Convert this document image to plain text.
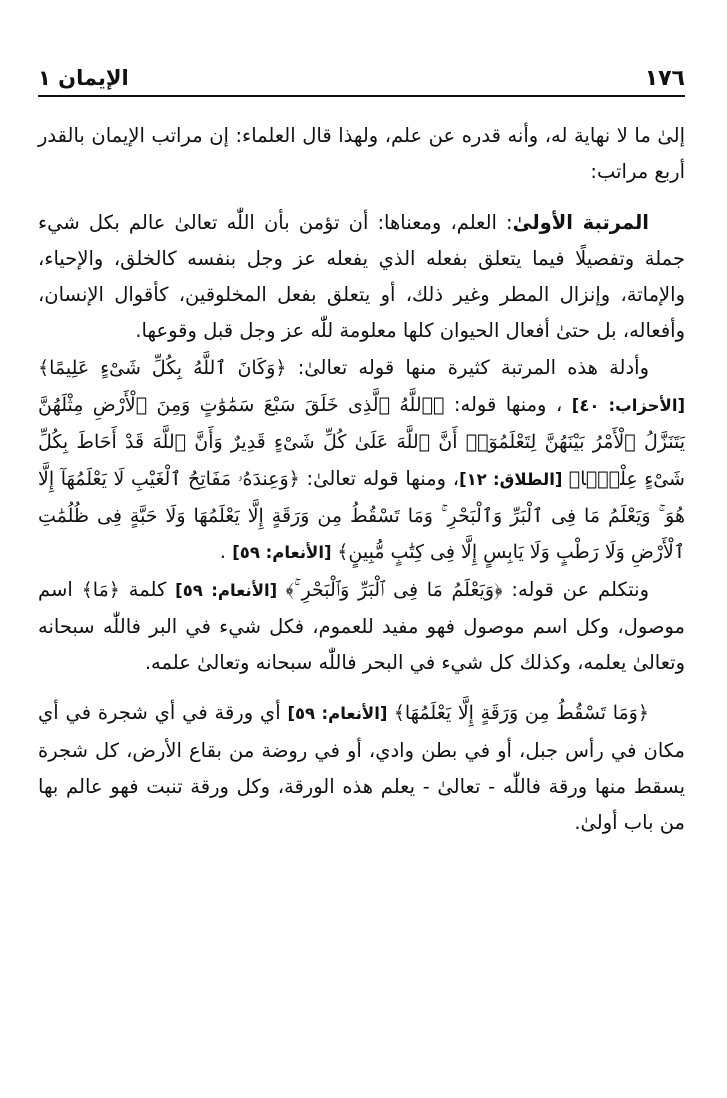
١٧٦
الإيمان ١

إلىٰ ما لا نهاية له، وأنه قدره عن علم، ولهذا قال العلماء: إن مراتب الإيمان بالقدر أربع مراتب:

المرتبة الأولىٰ: العلم، ومعناها: أن تؤمن بأن اللّٰه تعالىٰ عالم بكل شيء جملة وتفصيلًا فيما يتعلق بفعله الذي يفعله عز وجل بنفسه كالخلق، والإحياء، والإماتة، وإنزال المطر وغير ذلك، أو يتعلق بفعل المخلوقين، كأقوال الإنسان، وأفعاله، بل حتىٰ أفعال الحيوان كلها معلومة للّٰه عز وجل قبل وقوعها.

وأدلة هذه المرتبة كثيرة منها قوله تعالىٰ: ﴿وَكَانَ ٱللَّهُ بِكُلِّ شَىْءٍ عَلِيمًا﴾ [الأحزاب: ٤٠] ، ومنها قوله: ﴿ٱللَّهُ ٱلَّذِى خَلَقَ سَبْعَ سَمَٰوَٰتٍ وَمِنَ ٱلْأَرْضِ مِثْلَهُنَّ يَتَنَزَّلُ ٱلْأَمْرُ بَيْنَهُنَّ لِتَعْلَمُوٓا۟ أَنَّ ٱللَّهَ عَلَىٰ كُلِّ شَىْءٍ قَدِيرٌ وَأَنَّ ٱللَّهَ قَدْ أَحَاطَ بِكُلِّ شَىْءٍ عِلْمًۢا﴾ [الطلاق: ١٢]، ومنها قوله تعالىٰ: ﴿وَعِندَهُۥ مَفَاتِحُ ٱلْغَيْبِ لَا يَعْلَمُهَآ إِلَّا هُوَ ۚ وَيَعْلَمُ مَا فِى ٱلْبَرِّ وَٱلْبَحْرِ ۚ وَمَا تَسْقُطُ مِن وَرَقَةٍ إِلَّا يَعْلَمُهَا وَلَا حَبَّةٍ فِى ظُلُمَٰتِ ٱلْأَرْضِ وَلَا رَطْبٍ وَلَا يَابِسٍ إِلَّا فِى كِتَٰبٍ مُّبِينٍ﴾ [الأنعام: ٥٩] .

ونتكلم عن قوله: ﴿وَيَعْلَمُ مَا فِى ٱلْبَرِّ وَٱلْبَحْرِ ۚ﴾ [الأنعام: ٥٩] كلمة ﴿مَا﴾ اسم موصول، وكل اسم موصول فهو مفيد للعموم، فكل شيء في البر فاللّٰه سبحانه وتعالىٰ يعلمه، وكذلك كل شيء في البحر فاللّٰه سبحانه وتعالىٰ علمه.

﴿وَمَا تَسْقُطُ مِن وَرَقَةٍ إِلَّا يَعْلَمُهَا﴾ [الأنعام: ٥٩] أي ورقة في أي شجرة في أي مكان في رأس جبل، أو في بطن وادي، أو في روضة من بقاع الأرض، كل شجرة يسقط منها ورقة فاللّٰه - تعالىٰ - يعلم هذه الورقة، وكل ورقة تنبت فهو عالم بها من باب أولىٰ.
